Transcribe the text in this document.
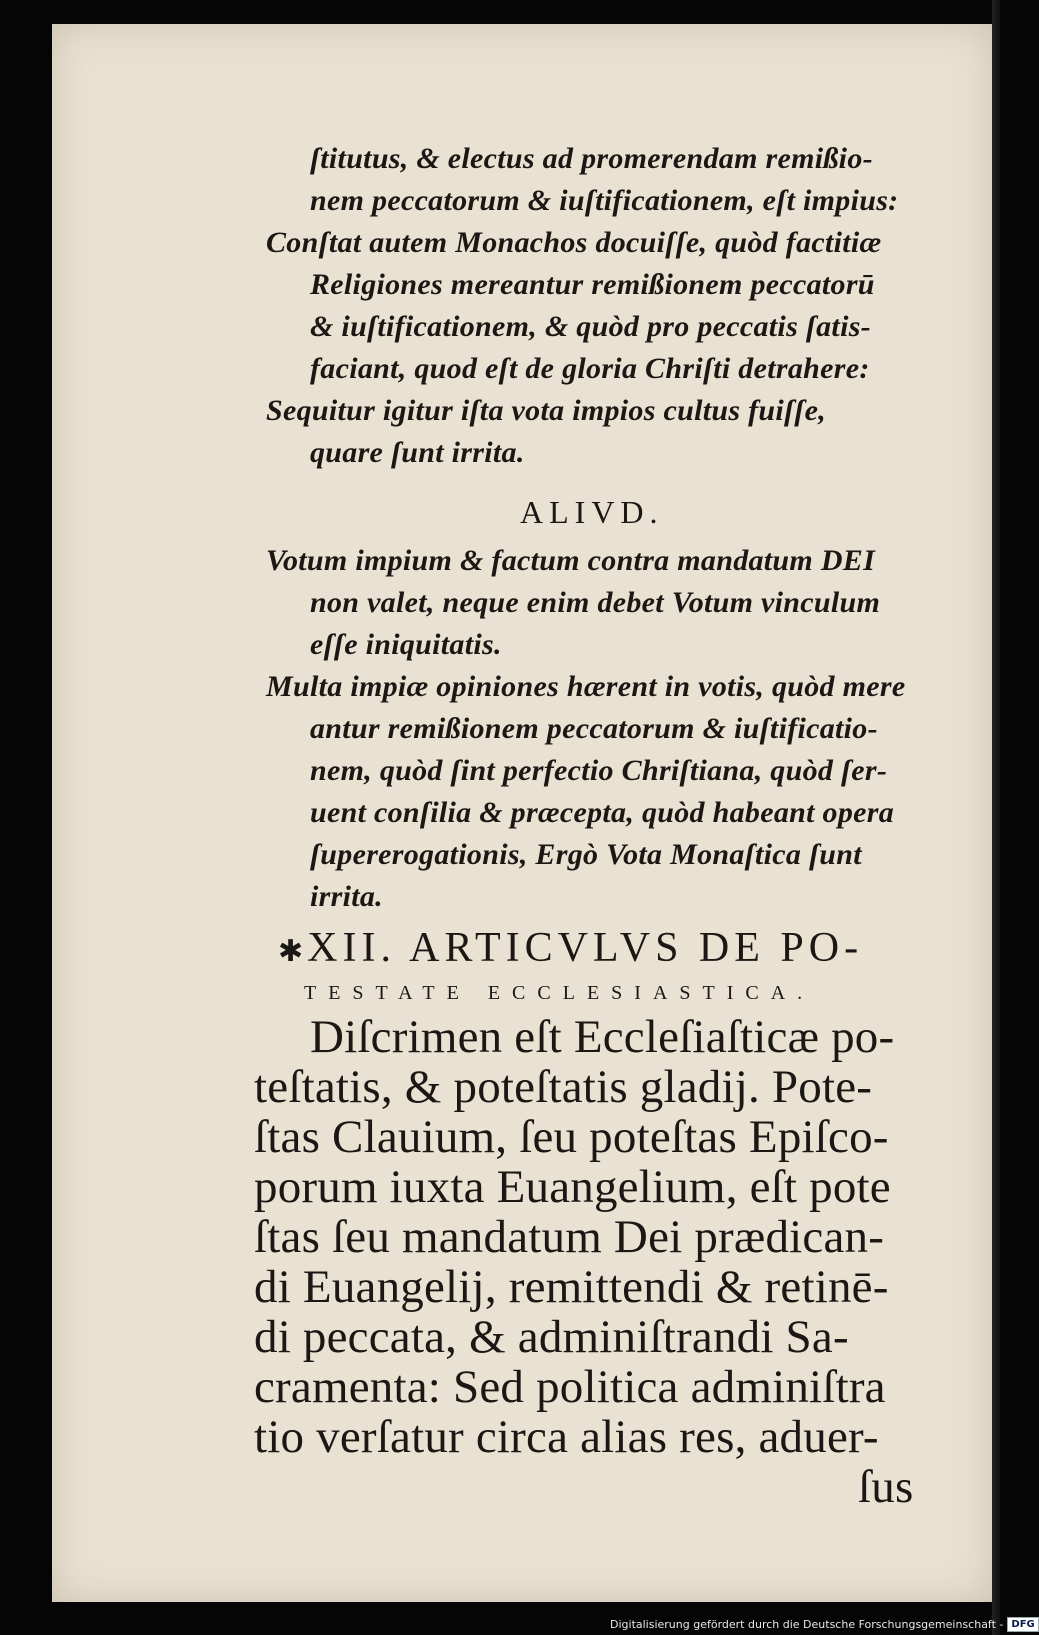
ſtitutus, & electus ad promerendam remißio-
nem peccatorum & iuſtificationem, eſt impius:
Conſtat autem Monachos docuiſſe, quòd factitiæ
Religiones mereantur remißionem peccatorū
& iuſtificationem, & quòd pro peccatis ſatis-
faciant, quod eſt de gloria Chriſti detrahere:
Sequitur igitur iſta vota impios cultus fuiſſe,
quare ſunt irrita.
ALIVD.
Votum impium & factum contra mandatum DEI
non valet, neque enim debet Votum vinculum
eſſe iniquitatis.
Multa impiæ opiniones hærent in votis, quòd mere
antur remißionem peccatorum & iuſtificatio-
nem, quòd ſint perfectio Chriſtiana, quòd ſer-
uent conſilia & præcepta, quòd habeant opera
ſupererogationis, Ergò Vota Monaſtica ſunt
irrita.
✱XII. ARTICVLVS DE PO-
TESTATE ECCLESIASTICA.
Diſcrimen eſt Eccleſiaſticæ po-
teſtatis, & poteſtatis gladij. Pote-
ſtas Clauium, ſeu poteſtas Epiſco-
porum iuxta Euangelium, eſt pote
ſtas ſeu mandatum Dei prædican-
di Euangelij, remittendi & retinē-
di peccata, & adminiſtrandi Sa-
cramenta: Sed politica adminiſtra
tio verſatur circa alias res, aduer-
ſus
Digitalisierung gefördert durch die Deutsche Forschungsgemeinschaft - DFG
